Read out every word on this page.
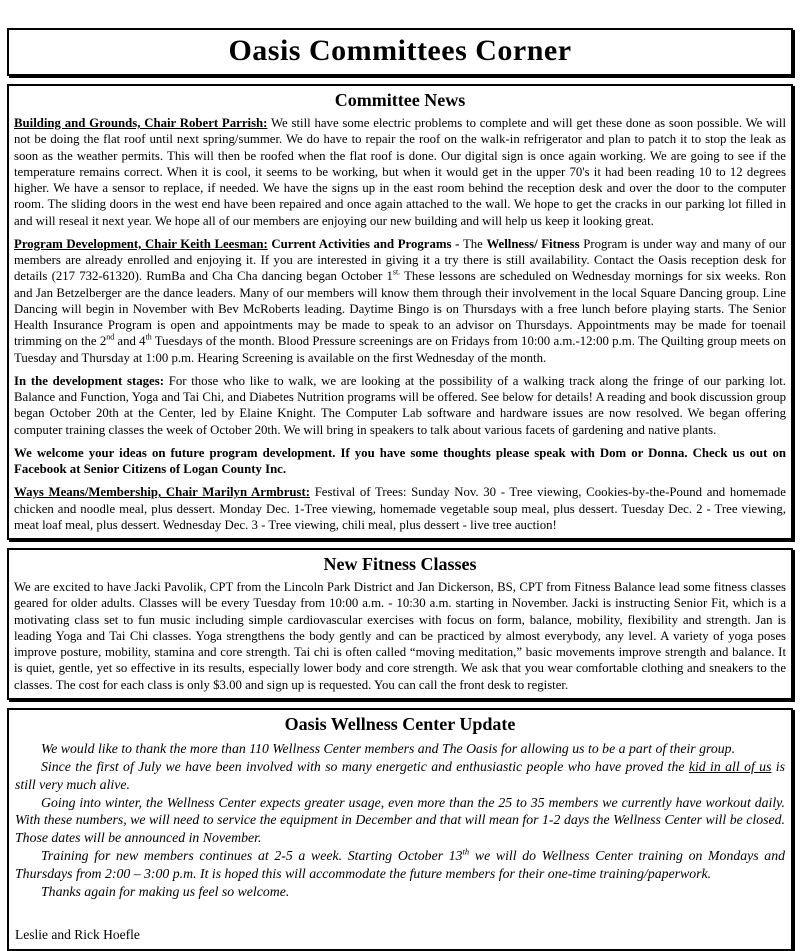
Oasis Committees Corner
Committee News

Building and Grounds, Chair Robert Parrish: We still have some electric problems to complete and will get these done as soon possible. We will not be doing the flat roof until next spring/summer. We do have to repair the roof on the walk-in refrigerator and plan to patch it to stop the leak as soon as the weather permits. This will then be roofed when the flat roof is done. Our digital sign is once again working. We are going to see if the temperature remains correct. When it is cool, it seems to be working, but when it would get in the upper 70's it had been reading 10 to 12 degrees higher. We have a sensor to replace, if needed. We have the signs up in the east room behind the reception desk and over the door to the computer room. The sliding doors in the west end have been repaired and once again attached to the wall. We hope to get the cracks in our parking lot filled in and will reseal it next year. We hope all of our members are enjoying our new building and will help us keep it looking great.

Program Development, Chair Keith Leesman: Current Activities and Programs - The Wellness/ Fitness Program is under way and many of our members are already enrolled and enjoying it. If you are interested in giving it a try there is still availability. Contact the Oasis reception desk for details (217 732-61320). RumBa and Cha Cha dancing began October $1^{st.}$ These lessons are scheduled on Wednesday mornings for six weeks. Ron and Jan Betzelberger are the dance leaders. Many of our members will know them through their involvement in the local Square Dancing group. Line Dancing will begin in November with Bev McRoberts leading. Daytime Bingo is on Thursdays with a free lunch before playing starts. The Senior Health Insurance Program is open and appointments may be made to speak to an advisor on Thursdays. Appointments may be made for toenail trimming on the 2nd and 4th Tuesdays of the month. Blood Pressure screenings are on Fridays from 10:00 a.m.-12:00 p.m. The Quilting group meets on Tuesday and Thursday at 1:00 p.m. Hearing Screening is available on the first Wednesday of the month.

In the development stages: For those who like to walk, we are looking at the possibility of a walking track along the fringe of our parking lot. Balance and Function, Yoga and Tai Chi, and Diabetes Nutrition programs will be offered. See below for details! A reading and book discussion group began October 20th at the Center, led by Elaine Knight. The Computer Lab software and hardware issues are now resolved. We began offering computer training classes the week of October 20th. We will bring in speakers to talk about various facets of gardening and native plants.

We welcome your ideas on future program development. If you have some thoughts please speak with Dom or Donna. Check us out on Facebook at Senior Citizens of Logan County Inc.

Ways Means/Membership, Chair Marilyn Armbrust: Festival of Trees: Sunday Nov. 30 - Tree viewing, Cookies-by-the-Pound and homemade chicken and noodle meal, plus dessert. Monday Dec. 1-Tree viewing, homemade vegetable soup meal, plus dessert. Tuesday Dec. 2 - Tree viewing, meat loaf meal, plus dessert. Wednesday Dec. 3 - Tree viewing, chili meal, plus dessert - live tree auction!

New Fitness Classes

We are excited to have Jacki Pavolik, CPT from the Lincoln Park District and Jan Dickerson, BS, CPT from Fitness Balance lead some fitness classes geared for older adults. Classes will be every Tuesday from 10:00 a.m. - 10:30 a.m. starting in November. Jacki is instructing Senior Fit, which is a motivating class set to fun music including simple cardiovascular exercises with focus on form, balance, mobility, flexibility and strength. Jan is leading Yoga and Tai Chi classes. Yoga strengthens the body gently and can be practiced by almost everybody, any level. A variety of yoga poses improve posture, mobility, stamina and core strength. Tai chi is often called “moving meditation,” basic movements improve strength and balance. It is quiet, gentle, yet so effective in its results, especially lower body and core strength. We ask that you wear comfortable clothing and sneakers to the classes. The cost for each class is only $3.00 and sign up is requested. You can call the front desk to register.

Oasis Wellness Center Update

We would like to thank the more than 110 Wellness Center members and The Oasis for allowing us to be a part of their group.

Since the first of July we have been involved with so many energetic and enthusiastic people who have proved the kid in all of us is still very much alive.

Going into winter, the Wellness Center expects greater usage, even more than the 25 to 35 members we currently have workout daily. With these numbers, we will need to service the equipment in December and that will mean for 1-2 days the Wellness Center will be closed. Those dates will be announced in November.

Training for new members continues at 2-5 a week. Starting October 13th we will do Wellness Center training on Mondays and Thursdays from 2:00 – 3:00 p.m. It is hoped this will accommodate the future members for their one-time training/paperwork.

Thanks again for making us feel so welcome.

Leslie and Rick Hoefle
